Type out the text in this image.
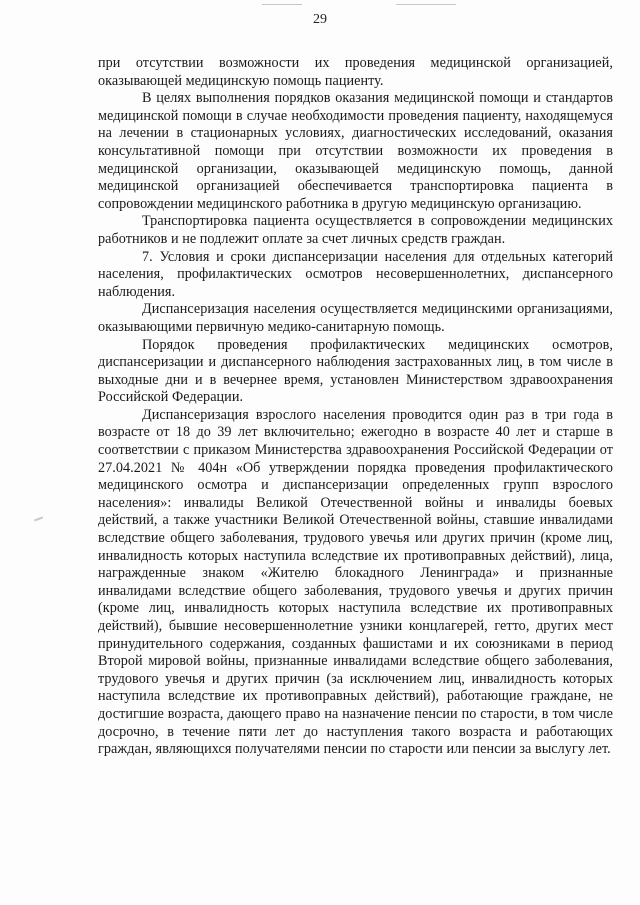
29

при отсутствии возможности их проведения медицинской организацией, оказывающей медицинскую помощь пациенту.

В целях выполнения порядков оказания медицинской помощи и стандартов медицинской помощи в случае необходимости проведения пациенту, находящемуся на лечении в стационарных условиях, диагностических исследований, оказания консультативной помощи при отсутствии возможности их проведения в медицинской организации, оказывающей медицинскую помощь, данной медицинской организацией обеспечивается транспортировка пациента в сопровождении медицинского работника в другую медицинскую организацию.

Транспортировка пациента осуществляется в сопровождении медицинских работников и не подлежит оплате за счет личных средств граждан.

7. Условия и сроки диспансеризации населения для отдельных категорий населения, профилактических осмотров несовершеннолетних, диспансерного наблюдения.

Диспансеризация населения осуществляется медицинскими организациями, оказывающими первичную медико-санитарную помощь.

Порядок проведения профилактических медицинских осмотров, диспансеризации и диспансерного наблюдения застрахованных лиц, в том числе в выходные дни и в вечернее время, установлен Министерством здравоохранения Российской Федерации.

Диспансеризация взрослого населения проводится один раз в три года в возрасте от 18 до 39 лет включительно; ежегодно в возрасте 40 лет и старше в соответствии с приказом Министерства здравоохранения Российской Федерации от 27.04.2021 № 404н «Об утверждении порядка проведения профилактического медицинского осмотра и диспансеризации определенных групп взрослого населения»: инвалиды Великой Отечественной войны и инвалиды боевых действий, а также участники Великой Отечественной войны, ставшие инвалидами вследствие общего заболевания, трудового увечья или других причин (кроме лиц, инвалидность которых наступила вследствие их противоправных действий), лица, награжденные знаком «Жителю блокадного Ленинграда» и признанные инвалидами вследствие общего заболевания, трудового увечья и других причин (кроме лиц, инвалидность которых наступила вследствие их противоправных действий), бывшие несовершеннолетние узники концлагерей, гетто, других мест принудительного содержания, созданных фашистами и их союзниками в период Второй мировой войны, признанные инвалидами вследствие общего заболевания, трудового увечья и других причин (за исключением лиц, инвалидность которых наступила вследствие их противоправных действий), работающие граждане, не достигшие возраста, дающего право на назначение пенсии по старости, в том числе досрочно, в течение пяти лет до наступления такого возраста и работающих граждан, являющихся получателями пенсии по старости или пенсии за выслугу лет.
